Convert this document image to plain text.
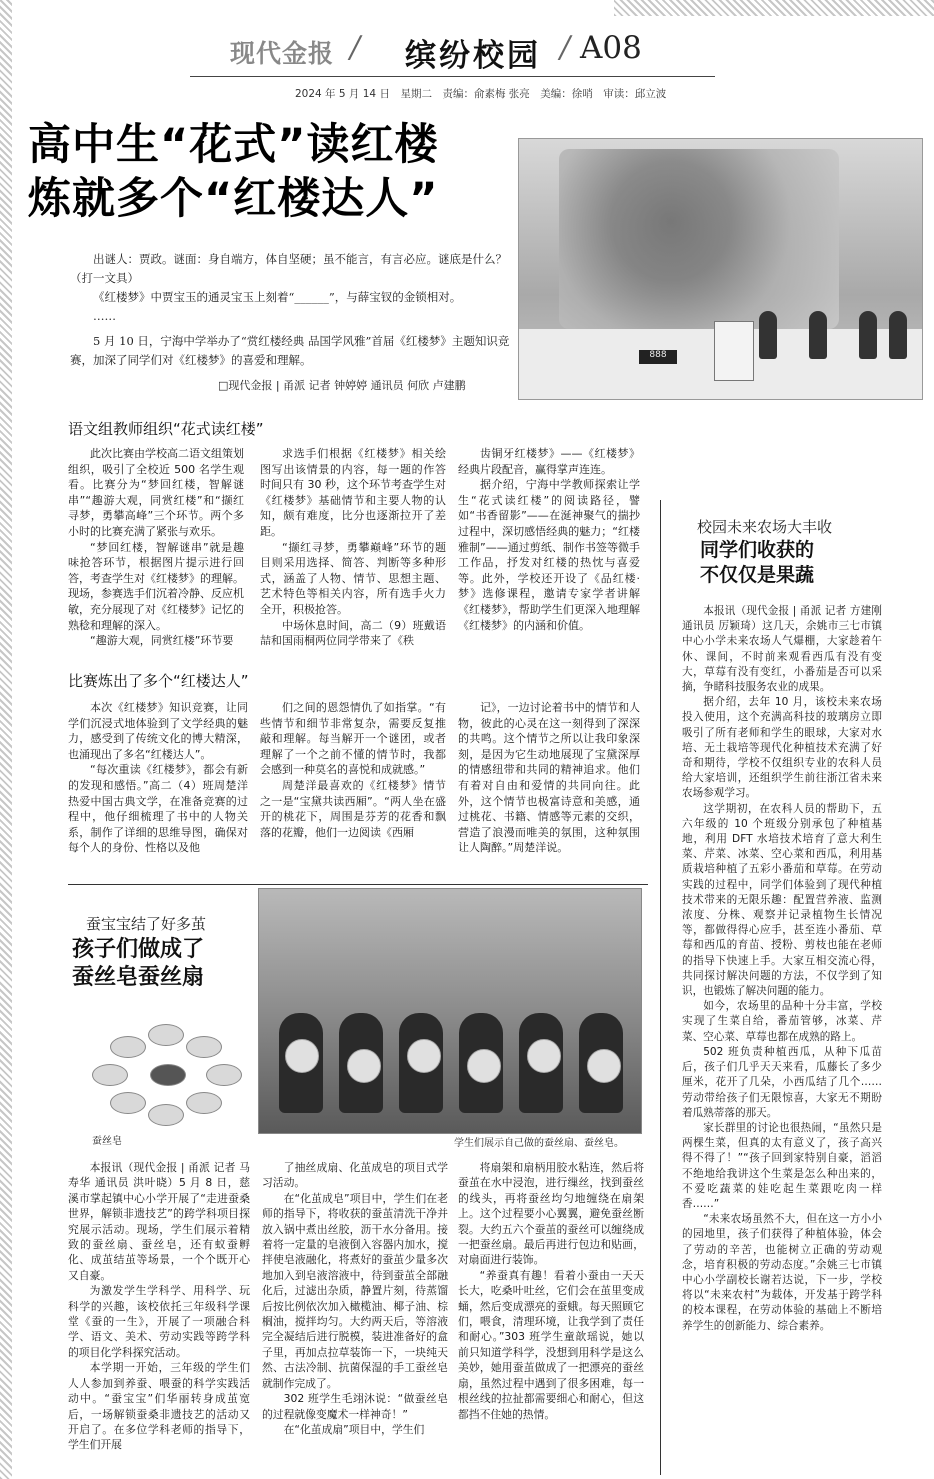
现代金报 / 缤纷校园 / A08
2024 年 5 月 14 日　星期二　责编：俞素梅 张亮　美编：徐哨　审读：邱立波
高中生“花式”读红楼
炼就多个“红楼达人”
888

出谜人：贾政。谜面：身自端方，体自坚硬；虽不能言，有言必应。谜底是什么？（打一文具）

《红楼梦》中贾宝玉的通灵宝玉上刻着“______”，与薛宝钗的金锁相对。

……

5 月 10 日，宁海中学举办了“赏红楼经典 品国学风雅”首届《红楼梦》主题知识竞赛，加深了同学们对《红楼梦》的喜爱和理解。

□现代金报 | 甬派 记者 钟婷婷 通讯员 何欣 卢建鹏
语文组教师组织“花式读红楼”

此次比赛由学校高二语文组策划组织，吸引了全校近 500 名学生观看。比赛分为“梦回红楼，智解谜串”“趣游大观，同赏红楼”和“撷红寻梦，勇攀高峰”三个环节。两个多小时的比赛充满了紧张与欢乐。

“梦回红楼，智解谜串”就是趣味抢答环节，根据图片提示进行回答，考查学生对《红楼梦》的理解。现场，参赛选手们沉着冷静、反应机敏，充分展现了对《红楼梦》记忆的熟稔和理解的深入。

“趣游大观，同赏红楼”环节要

求选手们根据《红楼梦》相关绘图写出该情景的内容，每一题的作答时间只有 30 秒，这个环节考查学生对《红楼梦》基础情节和主要人物的认知，颇有难度，比分也逐渐拉开了差距。

“撷红寻梦，勇攀巅峰”环节的题目则采用选择、简答、判断等多种形式，涵盖了人物、情节、思想主题、艺术特色等相关内容，所有选手火力全开，积极抢答。

中场休息时间，高二（9）班戴语喆和国雨桐两位同学带来了《秩

齿铜牙红楼梦》——《红楼梦》经典片段配音，赢得掌声连连。

据介绍，宁海中学教师探索让学生“花式读红楼”的阅读路径，譬如“书香留影”——在涎神聚气的揣抄过程中，深切感悟经典的魅力；“红楼雅制”——通过剪纸、制作书签等微手工作品，抒发对红楼的热忱与喜爱等。此外，学校还开设了《品红楼·梦》选修课程，邀请专家学者讲解《红楼梦》，帮助学生们更深入地理解《红楼梦》的内涵和价值。

比赛炼出了多个“红楼达人”

本次《红楼梦》知识竞赛，让同学们沉浸式地体验到了文学经典的魅力，感受到了传统文化的博大精深，也涌现出了多名“红楼达人”。

“每次重读《红楼梦》，都会有新的发现和感悟。”高二（4）班周楚洋热爱中国古典文学，在准备竞赛的过程中，他仔细梳理了书中的人物关系，制作了详细的思维导图，确保对每个人的身份、性格以及他

们之间的恩怨情仇了如指掌。“有些情节和细节非常复杂，需要反复推敲和理解。每当解开一个谜团，或者理解了一个之前不懂的情节时，我都会感到一种莫名的喜悦和成就感。”

周楚洋最喜欢的《红楼梦》情节之一是“宝黛共读西厢”。“两人坐在盛开的桃花下，周围是芬芳的花香和飘落的花瓣，他们一边阅读《西厢

记》，一边讨论着书中的情节和人物，彼此的心灵在这一刻得到了深深的共鸣。这个情节之所以让我印象深刻，是因为它生动地展现了宝黛深厚的情感纽带和共同的精神追求。他们有着对自由和爱情的共同向往。此外，这个情节也极富诗意和美感，通过桃花、书籍、情感等元素的交织，营造了浪漫而唯美的氛围，这种氛围让人陶醉。”周楚洋说。

校园未来农场大丰收
同学们收获的
不仅仅是果蔬

本报讯（现代金报 | 甬派 记者 方建刚 通讯员 厉颖琦）这几天，余姚市三七市镇中心小学未来农场人气爆棚，大家趁着午休、课间，不时前来观看西瓜有没有变大，草莓有没有变红，小番茄是否可以采摘，争睹科技服务农业的成果。

据介绍，去年 10 月，该校未来农场投入使用，这个充满高科技的玻璃房立即吸引了所有老师和学生的眼球，大家对水培、无土栽培等现代化种植技术充满了好奇和期待，学校不仅组织专业的农科人员给大家培训，还组织学生前往浙江省未来农场参观学习。

这学期初，在农科人员的帮助下，五六年级的 10 个班级分别承包了种植基地，利用 DFT 水培技术培育了意大利生菜、芹菜、冰菜、空心菜和西瓜，利用基质栽培种植了五彩小番茄和草莓。在劳动实践的过程中，同学们体验到了现代种植技术带来的无限乐趣：配置营养液、监测浓度、分株、观察并记录植物生长情况等，都做得得心应手，甚至连小番茄、草莓和西瓜的育苗、授粉、剪枝也能在老师的指导下快速上手。大家互相交流心得，共同探讨解决问题的方法，不仅学到了知识，也锻炼了解决问题的能力。

如今，农场里的品种十分丰富，学校实现了生菜自给，番茄管够，冰菜、芹菜、空心菜、草莓也都在成熟的路上。

502 班负责种植西瓜，从种下瓜苗后，孩子们几乎天天来看，瓜藤长了多少厘米，花开了几朵，小西瓜结了几个……劳动带给孩子们无限惊喜，大家无不期盼着瓜熟蒂落的那天。

家长群里的讨论也很热闹，“虽然只是两棵生菜，但真的太有意义了，孩子高兴得不得了！”“孩子回到家特别自豪，滔滔不绝地给我讲这个生菜是怎么种出来的，不爱吃蔬菜的娃吃起生菜跟吃肉一样香……”

“未来农场虽然不大，但在这一方小小的园地里，孩子们获得了种植体验，体会了劳动的辛苦，也能树立正确的劳动观念，培育积极的劳动态度。”余姚三七市镇中心小学副校长谢若达说，下一步，学校将以“未来农村”为载体，开发基于跨学科的校本课程，在劳动体验的基础上不断培养学生的创新能力、综合素养。

蚕宝宝结了好多茧
孩子们做成了
蚕丝皂蚕丝扇
蚕丝皂	学生们展示自己做的蚕丝扇、蚕丝皂。

本报讯（现代金报 | 甬派 记者 马寿华 通讯员 洪叶晓）5 月 8 日，慈溪市掌起镇中心小学开展了“走进蚕桑世界，解锁非遗技艺”的跨学科项目探究展示活动。现场，学生们展示着精致的蚕丝扇、蚕丝皂，还有蚁蚕孵化、成茧结茧等场景，一个个既开心又自豪。

为激发学生学科学、用科学、玩科学的兴趣，该校依托三年级科学课堂《蚕的一生》，开展了一项融合科学、语文、美术、劳动实践等跨学科的项目化学科探究活动。

本学期一开始，三年级的学生们人人参加到养蚕、喂蚕的科学实践活动中。“蚕宝宝”们华丽转身成茧宽后，一场解锁蚕桑非遗技艺的活动又开启了。在多位学科老师的指导下，学生们开展

了抽丝成扇、化茧成皂的项目式学习活动。

在“化茧成皂”项目中，学生们在老师的指导下，将收获的蚕茧清洗干净并放入锅中煮出丝胶，沥干水分备用。接着将一定量的皂液倒入容器内加水，搅拌使皂液融化，将煮好的蚕茧少量多次地加入到皂液溶液中，待到蚕茧全部融化后，过滤出杂质，静置片刻，待蒸馏后按比例依次加入橄榄油、椰子油、棕榈油，搅拌均匀。大约两天后，等溶液完全凝结后进行脱模，装进准备好的盒子里，再加点拉草装饰一下，一块纯天然、古法冷制、抗菌保湿的手工蚕丝皂就制作完成了。

302 班学生毛翊沐说：“做蚕丝皂的过程就像变魔术一样神奇！”

在“化茧成扇”项目中，学生们

将扇架和扇柄用胶水粘连，然后将蚕茧在水中浸泡，进行缫丝，找到蚕丝的线头，再将蚕丝均匀地缠绕在扇架上。这个过程要小心翼翼，避免蚕丝断裂。大约五六个蚕茧的蚕丝可以缠绕成一把蚕丝扇。最后再进行包边和贴画，对扇面进行装饰。

“养蚕真有趣！看着小蚕由一天天长大，吃桑叶吐丝，它们会在茧里变成蛹，然后变成漂亮的蚕蛾。每天照顾它们，喂食，清理环境，让我学到了责任和耐心。”303 班学生童歆瑶说，她以前只知道学科学，没想到用科学是这么美妙，她用蚕茧做成了一把漂亮的蚕丝扇，虽然过程中遇到了很多困难，每一根丝线的拉扯都需要细心和耐心，但这都挡不住她的热情。
